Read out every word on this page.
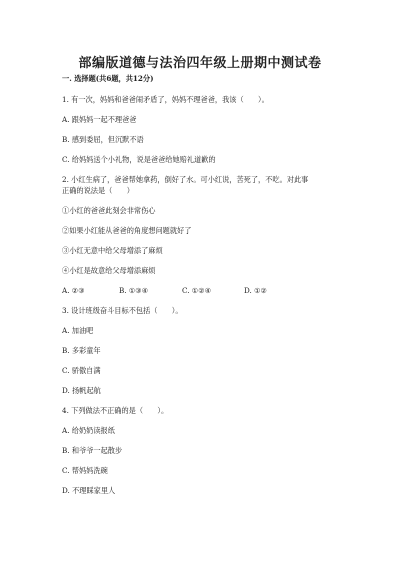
部编版道德与法治四年级上册期中测试卷
一. 选择题(共6题，共12分)
1. 有一次，妈妈和爸爸闹矛盾了，妈妈不理爸爸，我该（　　）。
A. 跟妈妈一起不理爸爸
B. 感到委屈，但沉默不语
C. 给妈妈送个小礼物，说是爸爸给她赔礼道歉的
2. 小红生病了，爸爸帮她拿药，倒好了水。可小红说，苦死了，不吃。对此事
正确的说法是（　　）
①小红的爸爸此刻会非常伤心
②如果小红能从爸爸的角度想问题就好了
③小红无意中给父母增添了麻烦
④小红是故意给父母增添麻烦
A. ②③	B. ①③④	C. ①②④	D. ①②
3. 设计班级奋斗目标不包括（　　）。
A. 加油吧
B. 多彩童年
C. 骄傲自满
D. 扬帆起航
4. 下列做法不正确的是（　　）。
A. 给奶奶读报纸
B. 和爷爷一起散步
C. 帮妈妈洗碗
D. 不理睬家里人
